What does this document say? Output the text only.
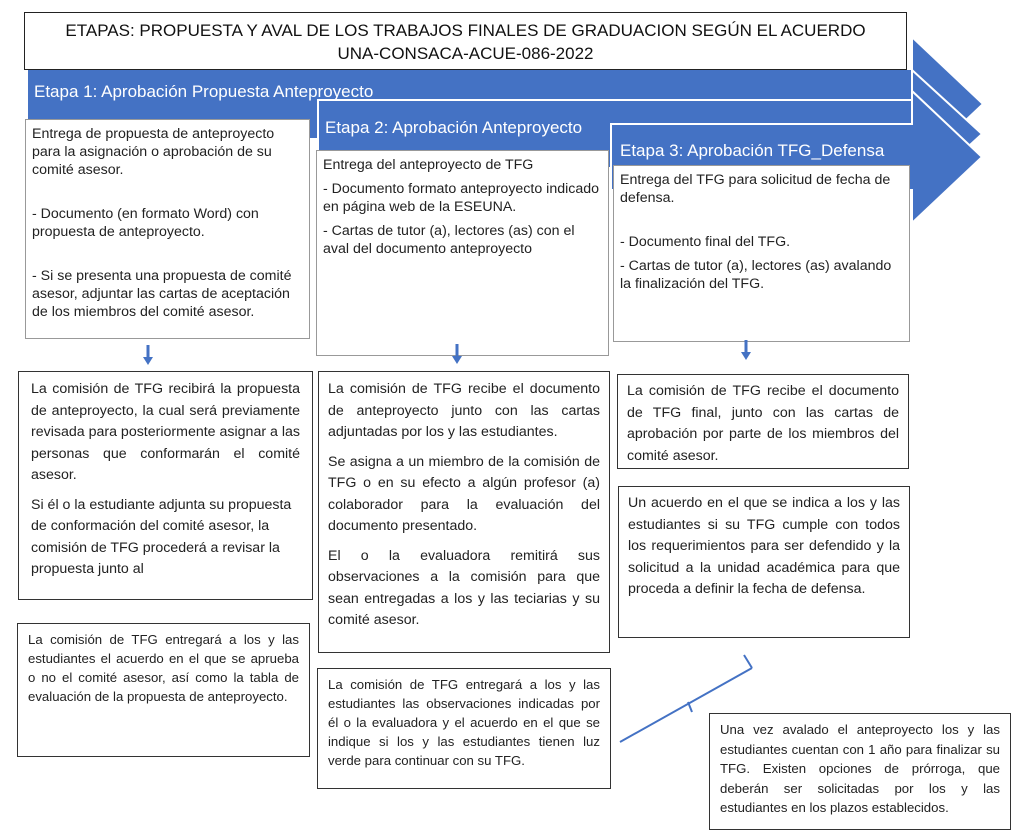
ETAPAS: PROPUESTA Y AVAL DE LOS TRABAJOS FINALES DE GRADUACION SEGÚN EL ACUERDO
UNA-CONSACA-ACUE-086-2022
Etapa 1: Aprobación Propuesta Anteproyecto
Etapa 2: Aprobación Anteproyecto
Etapa 3: Aprobación TFG_Defensa

Entrega de propuesta de anteproyecto para la asignación o aprobación de su comité asesor.

- Documento (en formato Word) con propuesta de anteproyecto.

- Si se presenta una propuesta de comité asesor, adjuntar las cartas de aceptación de los miembros del comité asesor.

Entrega del anteproyecto de TFG

- Documento formato anteproyecto indicado en página web de la ESEUNA.

- Cartas de tutor (a), lectores (as) con el aval del documento anteproyecto

Entrega del TFG para solicitud de fecha de defensa.

- Documento final del TFG.

- Cartas de tutor (a), lectores (as) avalando la finalización del TFG.

La comisión de TFG recibirá la propuesta de anteproyecto, la cual será previamente revisada para posteriormente asignar a las personas que conformarán el comité asesor.

Si él o la estudiante adjunta su propuesta de conformación del comité asesor, la comisión de TFG procederá a revisar la propuesta junto al

La comisión de TFG recibe el documento de anteproyecto junto con las cartas adjuntadas por los y las estudiantes.

Se asigna a un miembro de la comisión de TFG o en su efecto a algún profesor (a) colaborador para la evaluación del documento presentado.

El o la evaluadora remitirá sus observaciones a la comisión para que sean entregadas a los y las teciarias y su comité asesor.

La comisión de TFG recibe el documento de TFG final, junto con las cartas de aprobación por parte de los miembros del comité asesor.

Un acuerdo en el que se indica a los y las estudiantes si su TFG cumple con todos los requerimientos para ser defendido y la solicitud a la unidad académica para que proceda a definir la fecha de defensa.

La comisión de TFG entregará a los y las estudiantes el acuerdo en el que se aprueba o no el comité asesor, así como la tabla de evaluación de la propuesta de anteproyecto.

La comisión de TFG entregará a los y las estudiantes las observaciones indicadas por él o la evaluadora y el acuerdo en el que se indique si los y las estudiantes tienen luz verde para continuar con su TFG.

Una vez avalado el anteproyecto los y las estudiantes cuentan con 1 año para finalizar su TFG. Existen opciones de prórroga, que deberán ser solicitadas por los y las estudiantes en los plazos establecidos.
